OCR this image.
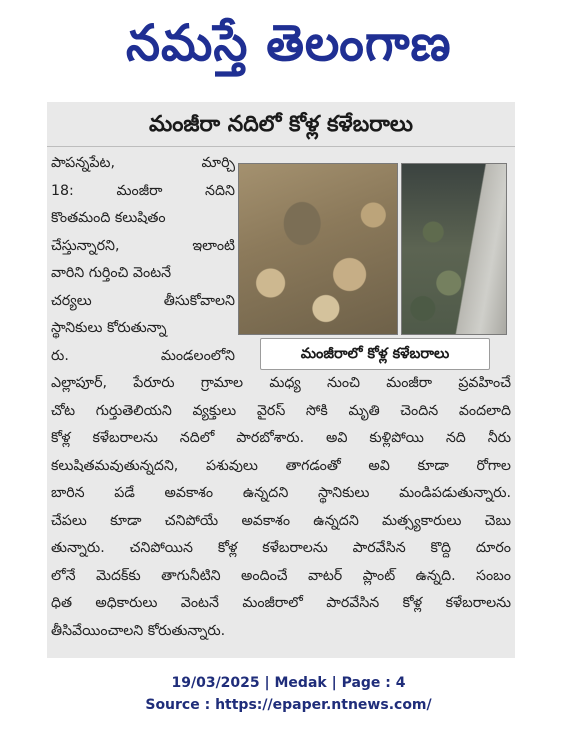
నమస్తే తెలంగాణ
మంజీరా నదిలో కోళ్ల కళేబరాలు
పాపన్నపేట, మార్చి
18: మంజీరా నదిని
కొంతమంది కలుషితం
చేస్తున్నారని, ఇలాంటి
వారిని గుర్తించి వెంటనే
చర్యలు తీసుకోవాలని
స్థానికులు కోరుతున్నా
రు. మండలంలోని	మంజీరాలో కోళ్ల కళేబరాలు
ఎల్లాపూర్, పేరూరు గ్రామాల మధ్య నుంచి మంజీరా ప్రవహించే
చోట గుర్తుతెలియని వ్యక్తులు వైరస్ సోకి మృతి చెందిన వందలాది
కోళ్ల కళేబరాలను నదిలో పారబోశారు. అవి కుళ్లిపోయి నది నీరు
కలుషితమవుతున్నదని, పశువులు తాగడంతో అవి కూడా రోగాల
బారిన పడే అవకాశం ఉన్నదని స్థానికులు మండిపడుతున్నారు.
చేపలు కూడా చనిపోయే అవకాశం ఉన్నదని మత్స్యకారులు చెబు
తున్నారు. చనిపోయిన కోళ్ల కళేబరాలను పారవేసిన కొద్ది దూరం
లోనే మెదక్‌కు తాగునీటిని అందించే వాటర్ ప్లాంట్ ఉన్నది. సంబం
ధిత అధికారులు వెంటనే మంజీరాలో పారవేసిన కోళ్ల కళేబరాలను
తీసివేయించాలని కోరుతున్నారు.
19/03/2025 | Medak | Page : 4
Source : https://epaper.ntnews.com/
